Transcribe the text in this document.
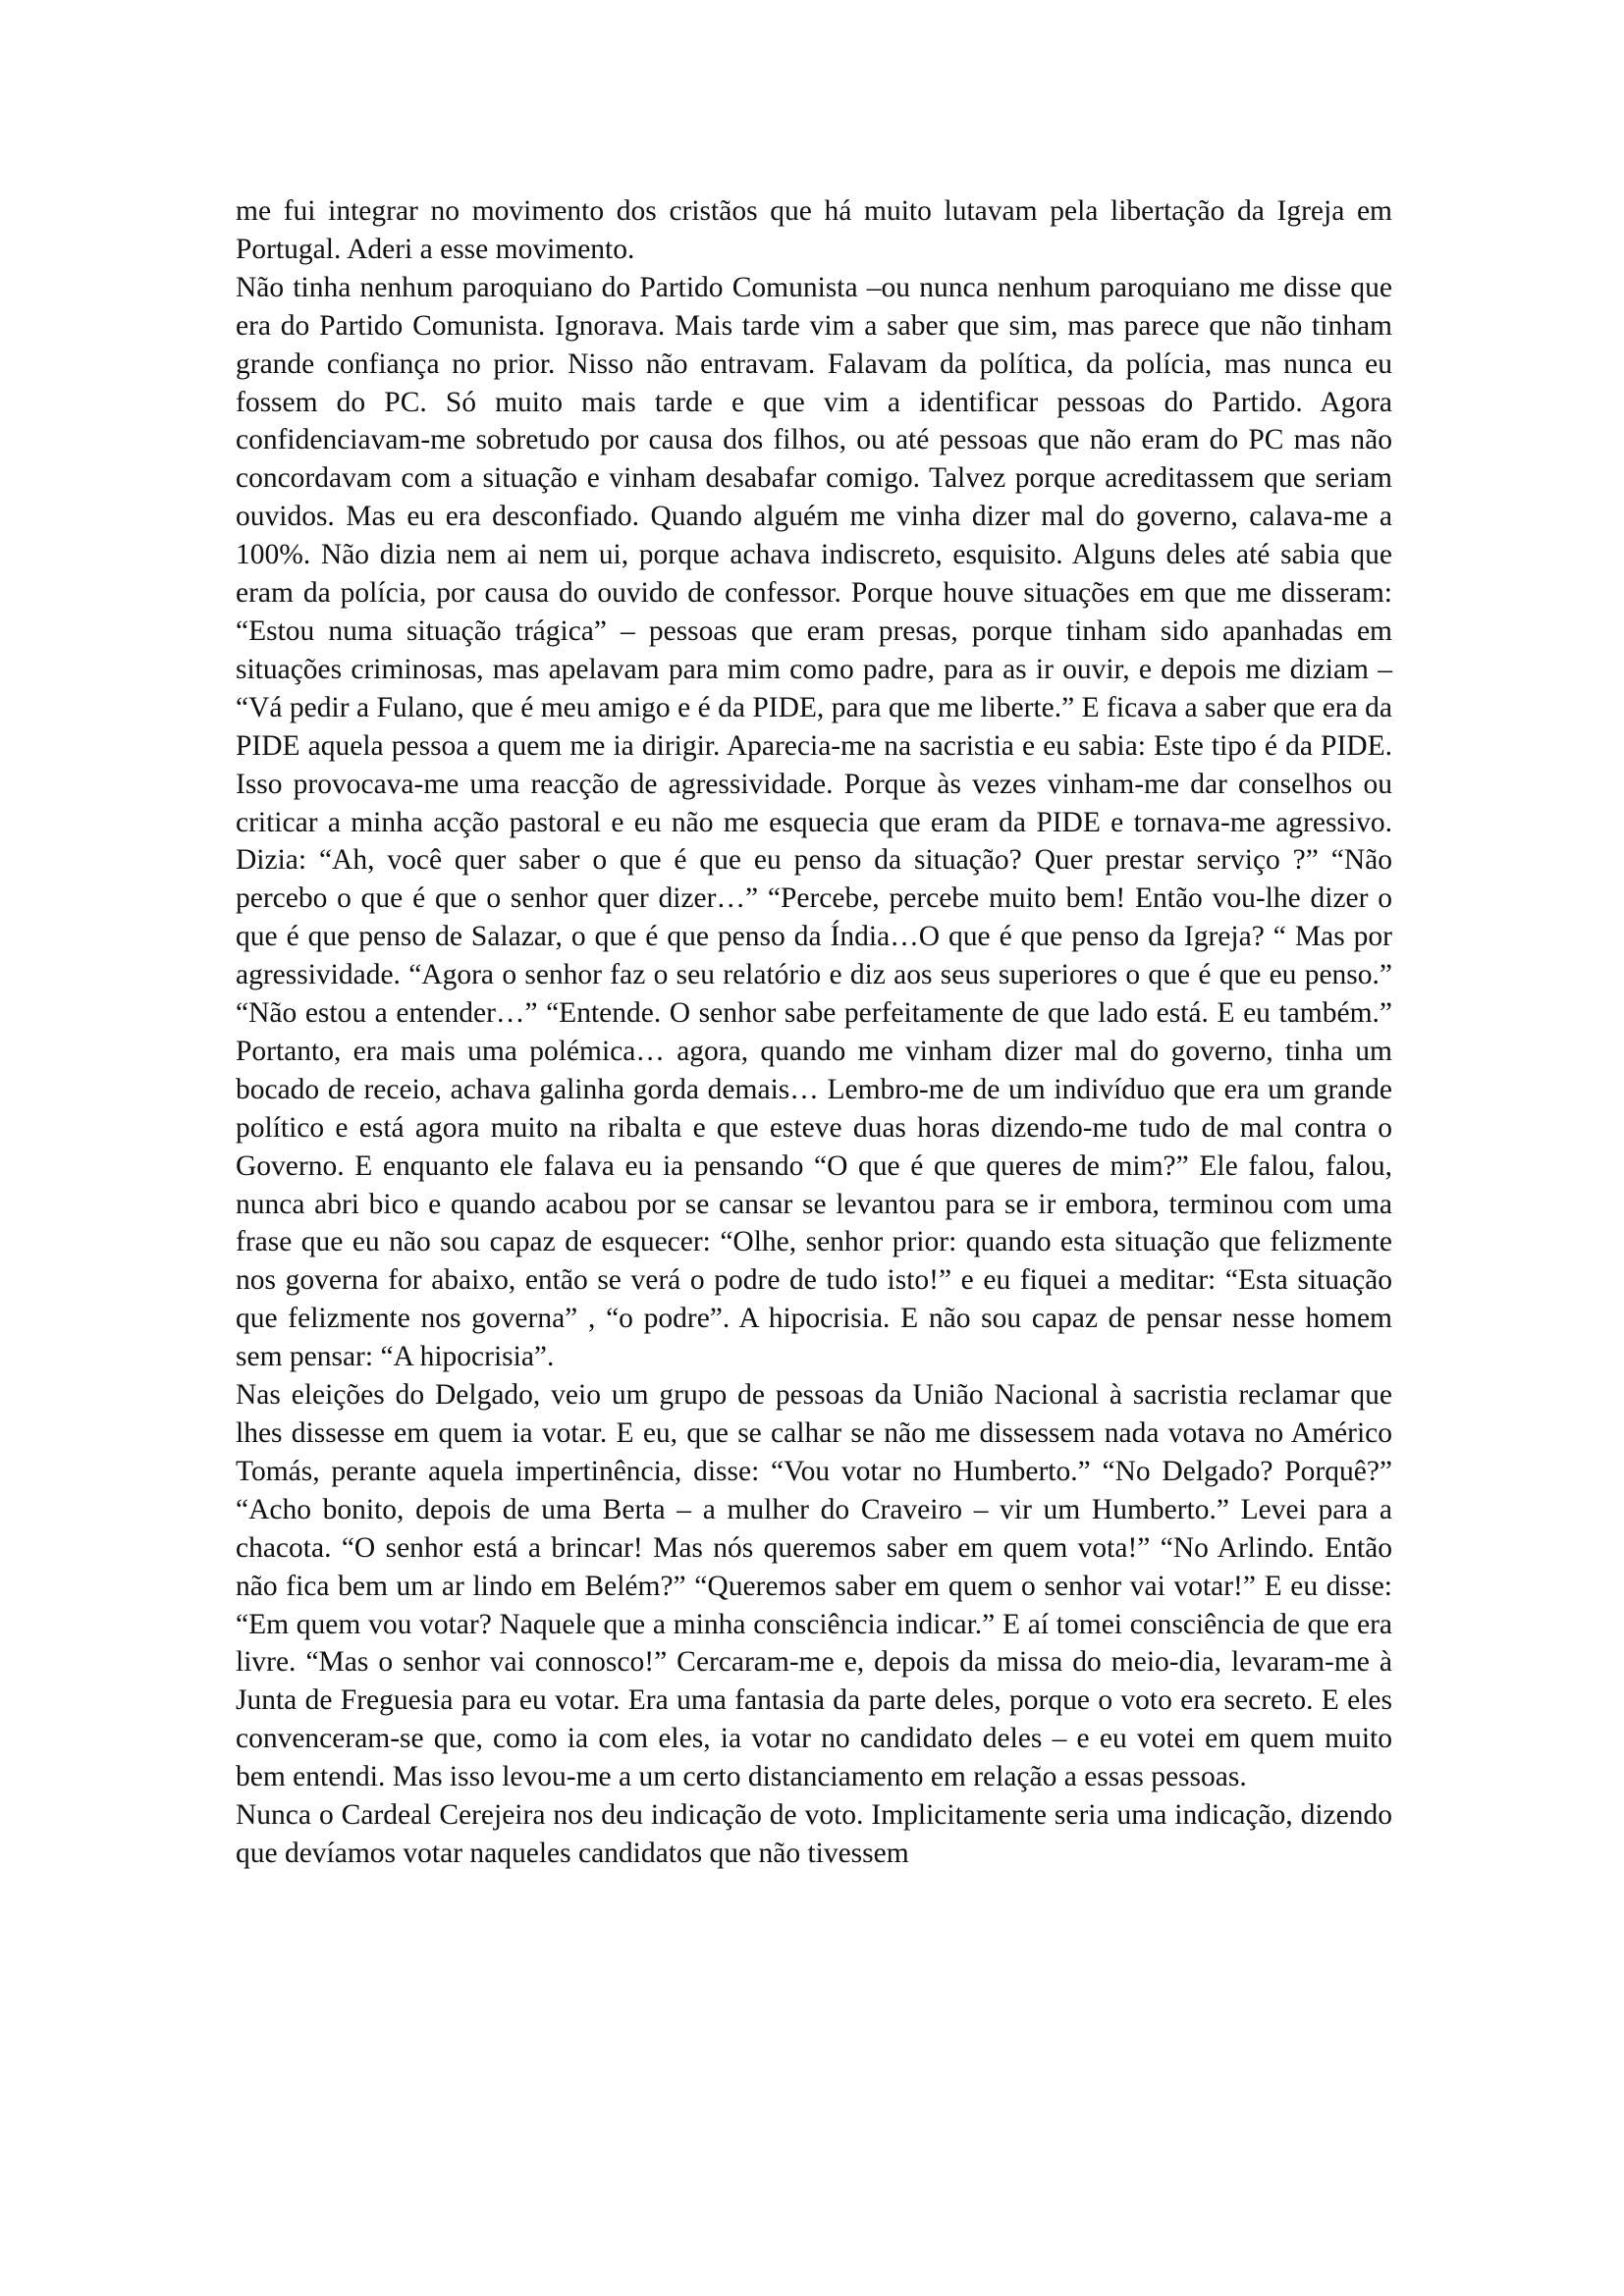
me fui integrar no movimento dos cristãos que há muito lutavam pela libertação da Igreja em Portugal. Aderi a esse movimento.

Não tinha nenhum paroquiano do Partido Comunista –ou nunca nenhum paroquiano me disse que era do Partido Comunista. Ignorava. Mais tarde vim a saber que sim, mas parece que não tinham grande confiança no prior. Nisso não entravam. Falavam da política, da polícia, mas nunca eu fossem do PC. Só muito mais tarde e que vim a identificar pessoas do Partido. Agora confidenciavam-me sobretudo por causa dos filhos, ou até pessoas que não eram do PC mas não concordavam com a situação e vinham desabafar comigo. Talvez porque acreditassem que seriam ouvidos. Mas eu era desconfiado. Quando alguém me vinha dizer mal do governo, calava-me a 100%. Não dizia nem ai nem ui, porque achava indiscreto, esquisito. Alguns deles até sabia que eram da polícia, por causa do ouvido de confessor. Porque houve situações em que me disseram: “Estou numa situação trágica” – pessoas que eram presas, porque tinham sido apanhadas em situações criminosas, mas apelavam para mim como padre, para as ir ouvir, e depois me diziam – “Vá pedir a Fulano, que é meu amigo e é da PIDE, para que me liberte.” E ficava a saber que era da PIDE aquela pessoa a quem me ia dirigir. Aparecia-me na sacristia e eu sabia: Este tipo é da PIDE. Isso provocava-me uma reacção de agressividade. Porque às vezes vinham-me dar conselhos ou criticar a minha acção pastoral e eu não me esquecia que eram da PIDE e tornava-me agressivo. Dizia: “Ah, você quer saber o que é que eu penso da situação? Quer prestar serviço ?” “Não percebo o que é que o senhor quer dizer…” “Percebe, percebe muito bem! Então vou-lhe dizer o que é que penso de Salazar, o que é que penso da Índia…O que é que penso da Igreja? “ Mas por agressividade. “Agora o senhor faz o seu relatório e diz aos seus superiores o que é que eu penso.” “Não estou a entender…” “Entende. O senhor sabe perfeitamente de que lado está. E eu também.” Portanto, era mais uma polémica… agora, quando me vinham dizer mal do governo, tinha um bocado de receio, achava galinha gorda demais… Lembro-me de um indivíduo que era um grande político e está agora muito na ribalta e que esteve duas horas dizendo-me tudo de mal contra o Governo. E enquanto ele falava eu ia pensando “O que é que queres de mim?” Ele falou, falou, nunca abri bico e quando acabou por se cansar se levantou para se ir embora, terminou com uma frase que eu não sou capaz de esquecer: “Olhe, senhor prior: quando esta situação que felizmente nos governa for abaixo, então se verá o podre de tudo isto!” e eu fiquei a meditar: “Esta situação que felizmente nos governa” , “o podre”. A hipocrisia. E não sou capaz de pensar nesse homem sem pensar: “A hipocrisia”.

Nas eleições do Delgado, veio um grupo de pessoas da União Nacional à sacristia reclamar que lhes dissesse em quem ia votar. E eu, que se calhar se não me dissessem nada votava no Américo Tomás, perante aquela impertinência, disse: “Vou votar no Humberto.” “No Delgado? Porquê?” “Acho bonito, depois de uma Berta – a mulher do Craveiro – vir um Humberto.” Levei para a chacota. “O senhor está a brincar! Mas nós queremos saber em quem vota!” “No Arlindo. Então não fica bem um ar lindo em Belém?” “Queremos saber em quem o senhor vai votar!” E eu disse: “Em quem vou votar? Naquele que a minha consciência indicar.” E aí tomei consciência de que era livre. “Mas o senhor vai connosco!” Cercaram-me e, depois da missa do meio-dia, levaram-me à Junta de Freguesia para eu votar. Era uma fantasia da parte deles, porque o voto era secreto. E eles convenceram-se que, como ia com eles, ia votar no candidato deles – e eu votei em quem muito bem entendi. Mas isso levou-me a um certo distanciamento em relação a essas pessoas.

Nunca o Cardeal Cerejeira nos deu indicação de voto. Implicitamente seria uma indicação, dizendo que devíamos votar naqueles candidatos que não tivessem
